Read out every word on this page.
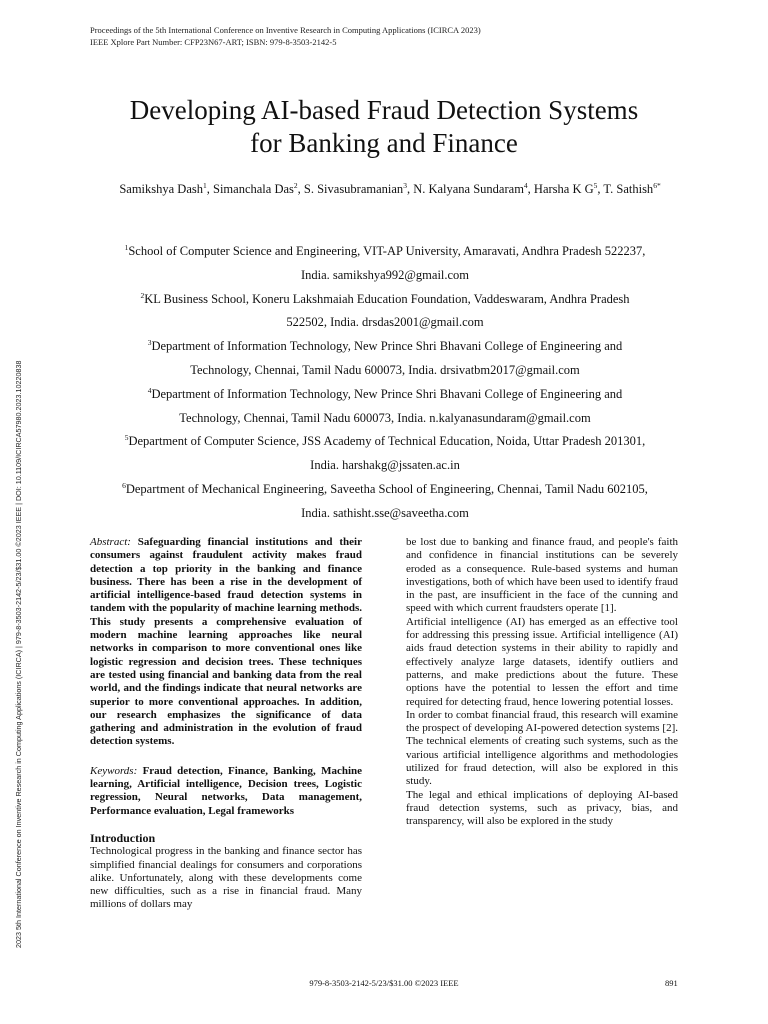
Proceedings of the 5th International Conference on Inventive Research in Computing Applications (ICIRCA 2023)
IEEE Xplore Part Number: CFP23N67-ART; ISBN: 979-8-3503-2142-5
2023 5th International Conference on Inventive Research in Computing Applications (ICIRCA) | 979-8-3503-2142-5/23/$31.00 ©2023 IEEE | DOI: 10.1109/ICIRCA57980.2023.10220838
Developing AI-based Fraud Detection Systems
for Banking and Finance
Samikshya Dash$^1$, Simanchala Das$^2$, S. Sivasubramanian$^3$, N. Kalyana Sundaram$^4$, Harsha K $G^5$, T. Sathish$^{6*}$
$^1$School of Computer Science and Engineering, VIT-AP University, Amaravati, Andhra Pradesh 522237,
India. samikshya992@gmail.com
$^2$KL Business School, Koneru Lakshmaiah Education Foundation, Vaddeswaram, Andhra Pradesh
522502, India. drsdas2001@gmail.com
$^3$Department of Information Technology, New Prince Shri Bhavani College of Engineering and
Technology, Chennai, Tamil Nadu 600073, India. drsivatbm2017@gmail.com
$^4$Department of Information Technology, New Prince Shri Bhavani College of Engineering and
Technology, Chennai, Tamil Nadu 600073, India. n.kalyanasundaram@gmail.com
$^5$Department of Computer Science, JSS Academy of Technical Education, Noida, Uttar Pradesh 201301,
India. harshakg@jssaten.ac.in
$^6$Department of Mechanical Engineering, Saveetha School of Engineering, Chennai, Tamil Nadu 602105,
India. sathisht.sse@saveetha.com

Abstract: Safeguarding financial institutions and their consumers against fraudulent activity makes fraud detection a top priority in the banking and finance business. There has been a rise in the development of artificial intelligence-based fraud detection systems in tandem with the popularity of machine learning methods. This study presents a comprehensive evaluation of modern machine learning approaches like neural networks in comparison to more conventional ones like logistic regression and decision trees. These techniques are tested using financial and banking data from the real world, and the findings indicate that neural networks are superior to more conventional approaches. In addition, our research emphasizes the significance of data gathering and administration in the evolution of fraud detection systems.

Keywords: Fraud detection, Finance, Banking, Machine learning, Artificial intelligence, Decision trees, Logistic regression, Neural networks, Data management, Performance evaluation, Legal frameworks

Introduction

Technological progress in the banking and finance sector has simplified financial dealings for consumers and corporations alike. Unfortunately, along with these developments come new difficulties, such as a rise in financial fraud. Many millions of dollars may

be lost due to banking and finance fraud, and people's faith and confidence in financial institutions can be severely eroded as a consequence. Rule-based systems and human investigations, both of which have been used to identify fraud in the past, are insufficient in the face of the cunning and speed with which current fraudsters operate [1].

Artificial intelligence (AI) has emerged as an effective tool for addressing this pressing issue. Artificial intelligence (AI) aids fraud detection systems in their ability to rapidly and effectively analyze large datasets, identify outliers and patterns, and make predictions about the future. These options have the potential to lessen the effort and time required for detecting fraud, hence lowering potential losses.

In order to combat financial fraud, this research will examine the prospect of developing AI-powered detection systems [2]. The technical elements of creating such systems, such as the various artificial intelligence algorithms and methodologies utilized for fraud detection, will also be explored in this study.

The legal and ethical implications of deploying AI-based fraud detection systems, such as privacy, bias, and transparency, will also be explored in the study

979-8-3503-2142-5/23/$31.00 ©2023 IEEE	891
